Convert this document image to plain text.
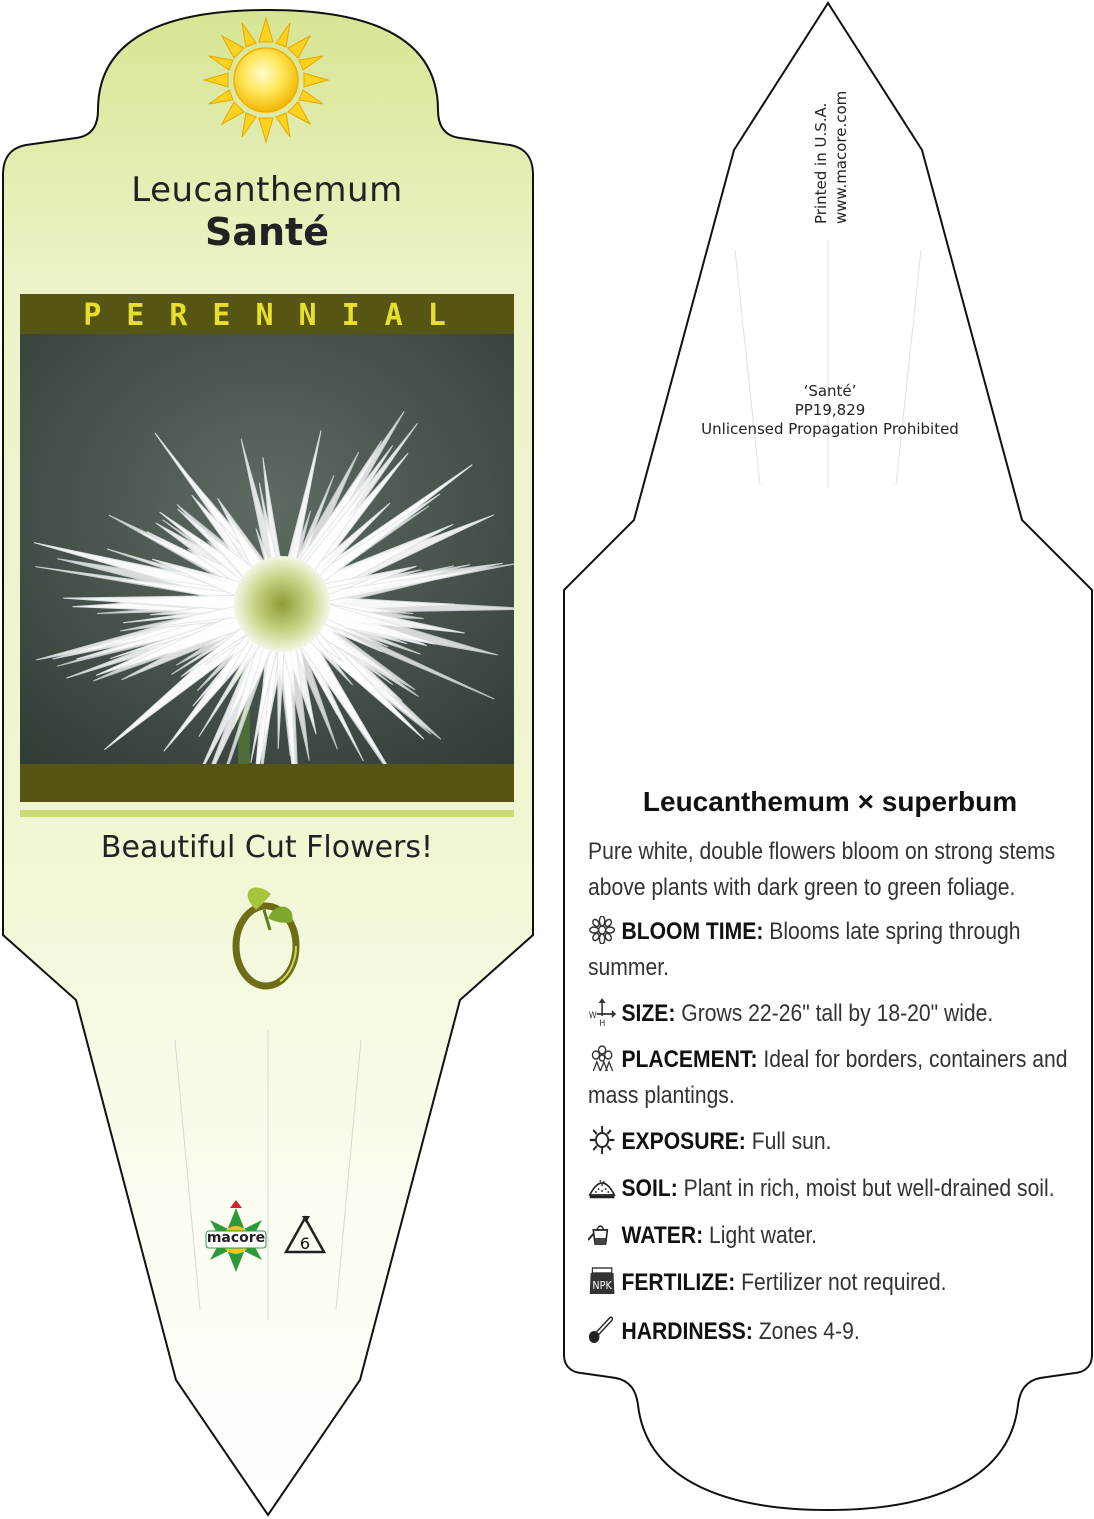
Leucanthemum
Santé
PERENNIAL
Beautiful Cut Flowers!
macore 6
Printed in U.S.A. www.macore.com
‘Santé’
PP19,829
Unlicensed Propagation Prohibited
Leucanthemum × superbum
Pure white, double flowers bloom on strong stems above plants with dark green to green foliage.
BLOOM TIME: Blooms late spring through summer.
W
H SIZE: Grows 22-26" tall by 18-20" wide.
PLACEMENT: Ideal for borders, containers and mass plantings.
EXPOSURE: Full sun.
SOIL: Plant in rich, moist but well-drained soil.
WATER: Light water.
NPK FERTILIZE: Fertilizer not required.
HARDINESS: Zones 4-9.
